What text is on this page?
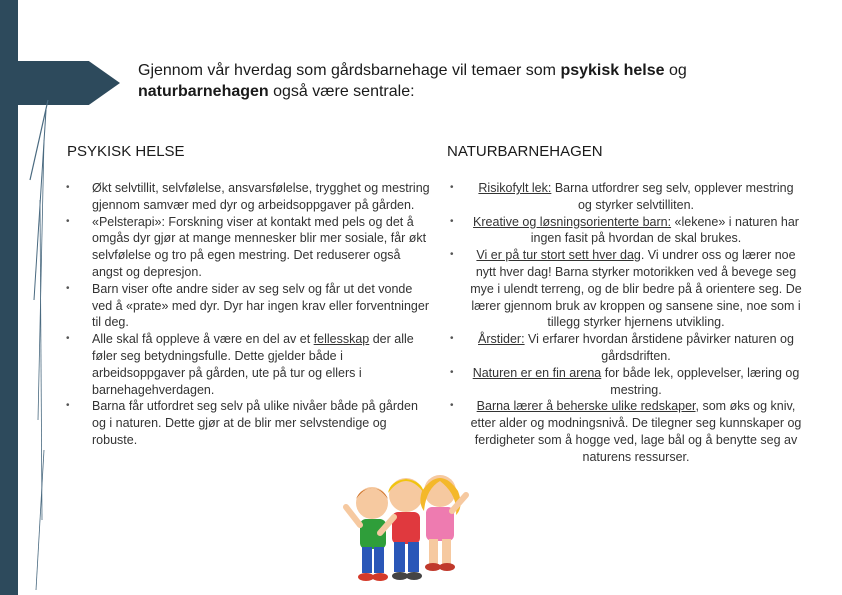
Gjennom vår hverdag som gårdsbarnehage vil temaer som psykisk helse og naturbarnehagen også være sentrale:
PSYKISK HELSE	NATURBARNEHAGEN
• Økt selvtillit, selvfølelse, ansvarsfølelse, trygghet og mestring gjennom samvær med dyr og arbeidsoppgaver på gården.
• «Pelsterapi»: Forskning viser at kontakt med pels og det å omgås dyr gjør at mange mennesker blir mer sosiale, får økt selvfølelse og tro på egen mestring. Det reduserer også angst og depresjon.
• Barn viser ofte andre sider av seg selv og får ut det vonde ved å «prate» med dyr. Dyr har ingen krav eller forventninger til deg.
• Alle skal få oppleve å være en del av et fellesskap der alle føler seg betydningsfulle. Dette gjelder både i arbeidsoppgaver på gården, ute på tur og ellers i barnehagehverdagen.
• Barna får utfordret seg selv på ulike nivåer både på gården og i naturen. Dette gjør at de blir mer selvstendige og robuste.
• Risikofylt lek: Barna utfordrer seg selv, opplever mestring og styrker selvtilliten.
• Kreative og løsningsorienterte barn: «lekene» i naturen har ingen fasit på hvordan de skal brukes.
• Vi er på tur stort sett hver dag. Vi undrer oss og lærer noe nytt hver dag! Barna styrker motorikken ved å bevege seg mye i ulendt terreng, og de blir bedre på å orientere seg. De lærer gjennom bruk av kroppen og sansene sine, noe som i tillegg styrker hjernens utvikling.
• Årstider: Vi erfarer hvordan årstidene påvirker naturen og gårdsdriften.
• Naturen er en fin arena for både lek, opplevelser, læring og mestring.
• Barna lærer å beherske ulike redskaper, som øks og kniv, etter alder og modningsnivå. De tilegner seg kunnskaper og ferdigheter som å hogge ved, lage bål og å benytte seg av naturens ressurser.
